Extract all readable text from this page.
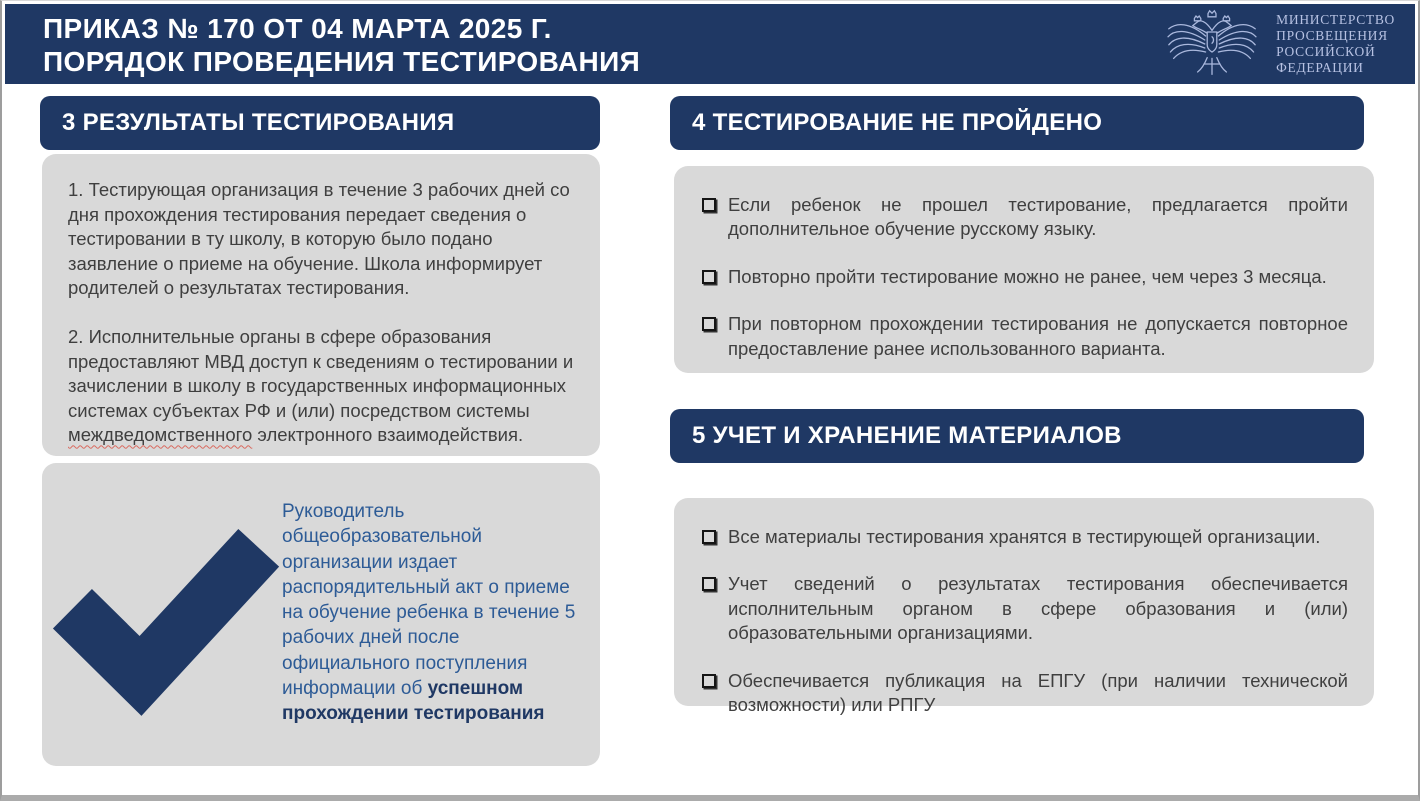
ПРИКАЗ № 170 ОТ 04 МАРТА 2025 Г.
ПОРЯДОК ПРОВЕДЕНИЯ ТЕСТИРОВАНИЯ
МИНИСТЕРСТВО
ПРОСВЕЩЕНИЯ
РОССИЙСКОЙ
ФЕДЕРАЦИИ
3 РЕЗУЛЬТАТЫ ТЕСТИРОВАНИЯ

1. Тестирующая организация в течение 3 рабочих дней со дня прохождения тестирования передает сведения о тестировании в ту школу, в которую было подано заявление о приеме на обучение. Школа информирует родителей о результатах тестирования.

2. Исполнительные органы в сфере образования предоставляют МВД доступ к сведениям о тестировании и зачислении в школу в государственных информационных системах субъектах РФ и (или) посредством системы междведомственного электронного взаимодействия.

Руководитель общеобразовательной организации издает распорядительный акт о приеме на обучение ребенка в течение 5 рабочих дней после официального поступления информации об успешном прохождении тестирования
4 ТЕСТИРОВАНИЕ НЕ ПРОЙДЕНО
Если ребенок не прошел тестирование, предлагается пройти дополнительное обучение русскому языку.
Повторно пройти тестирование можно не ранее, чем через 3 месяца.
При повторном прохождении тестирования не допускается повторное предоставление ранее использованного варианта.
5 УЧЕТ И ХРАНЕНИЕ МАТЕРИАЛОВ
Все материалы тестирования хранятся в тестирующей организации.
Учет сведений о результатах тестирования обеспечивается исполнительным органом в сфере образования и (или) образовательными организациями.
Обеспечивается публикация на ЕПГУ (при наличии технической возможности) или РПГУ
